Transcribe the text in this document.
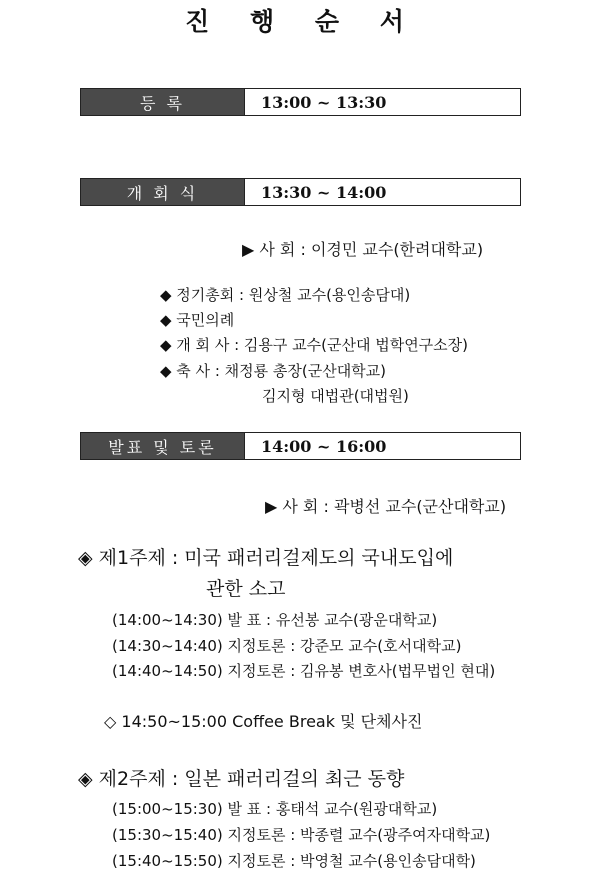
진 행 순 서
등 록	13:00 ~ 13:30
개 회 식	13:30 ~ 14:00
▶ 사 회 : 이경민 교수(한려대학교)
◆ 정기총회 : 원상철 교수(용인송담대)
◆ 국민의례
◆ 개 회 사 : 김용구 교수(군산대 법학연구소장)
◆ 축 사 : 채정룡 총장(군산대학교)
김지형 대법관(대법원)
발표 및 토론	14:00 ~ 16:00
▶ 사 회 : 곽병선 교수(군산대학교)
◈ 제1주제 : 미국 패러리걸제도의 국내도입에
관한 소고
(14:00~14:30) 발 표 : 유선봉 교수(광운대학교)
(14:30~14:40) 지정토론 : 강준모 교수(호서대학교)
(14:40~14:50) 지정토론 : 김유봉 변호사(법무법인 현대)
◇ 14:50~15:00 Coffee Break 및 단체사진
◈ 제2주제 : 일본 패러리걸의 최근 동향
(15:00~15:30) 발 표 : 홍태석 교수(원광대학교)
(15:30~15:40) 지정토론 : 박종렬 교수(광주여자대학교)
(15:40~15:50) 지정토론 : 박영철 교수(용인송담대학)
